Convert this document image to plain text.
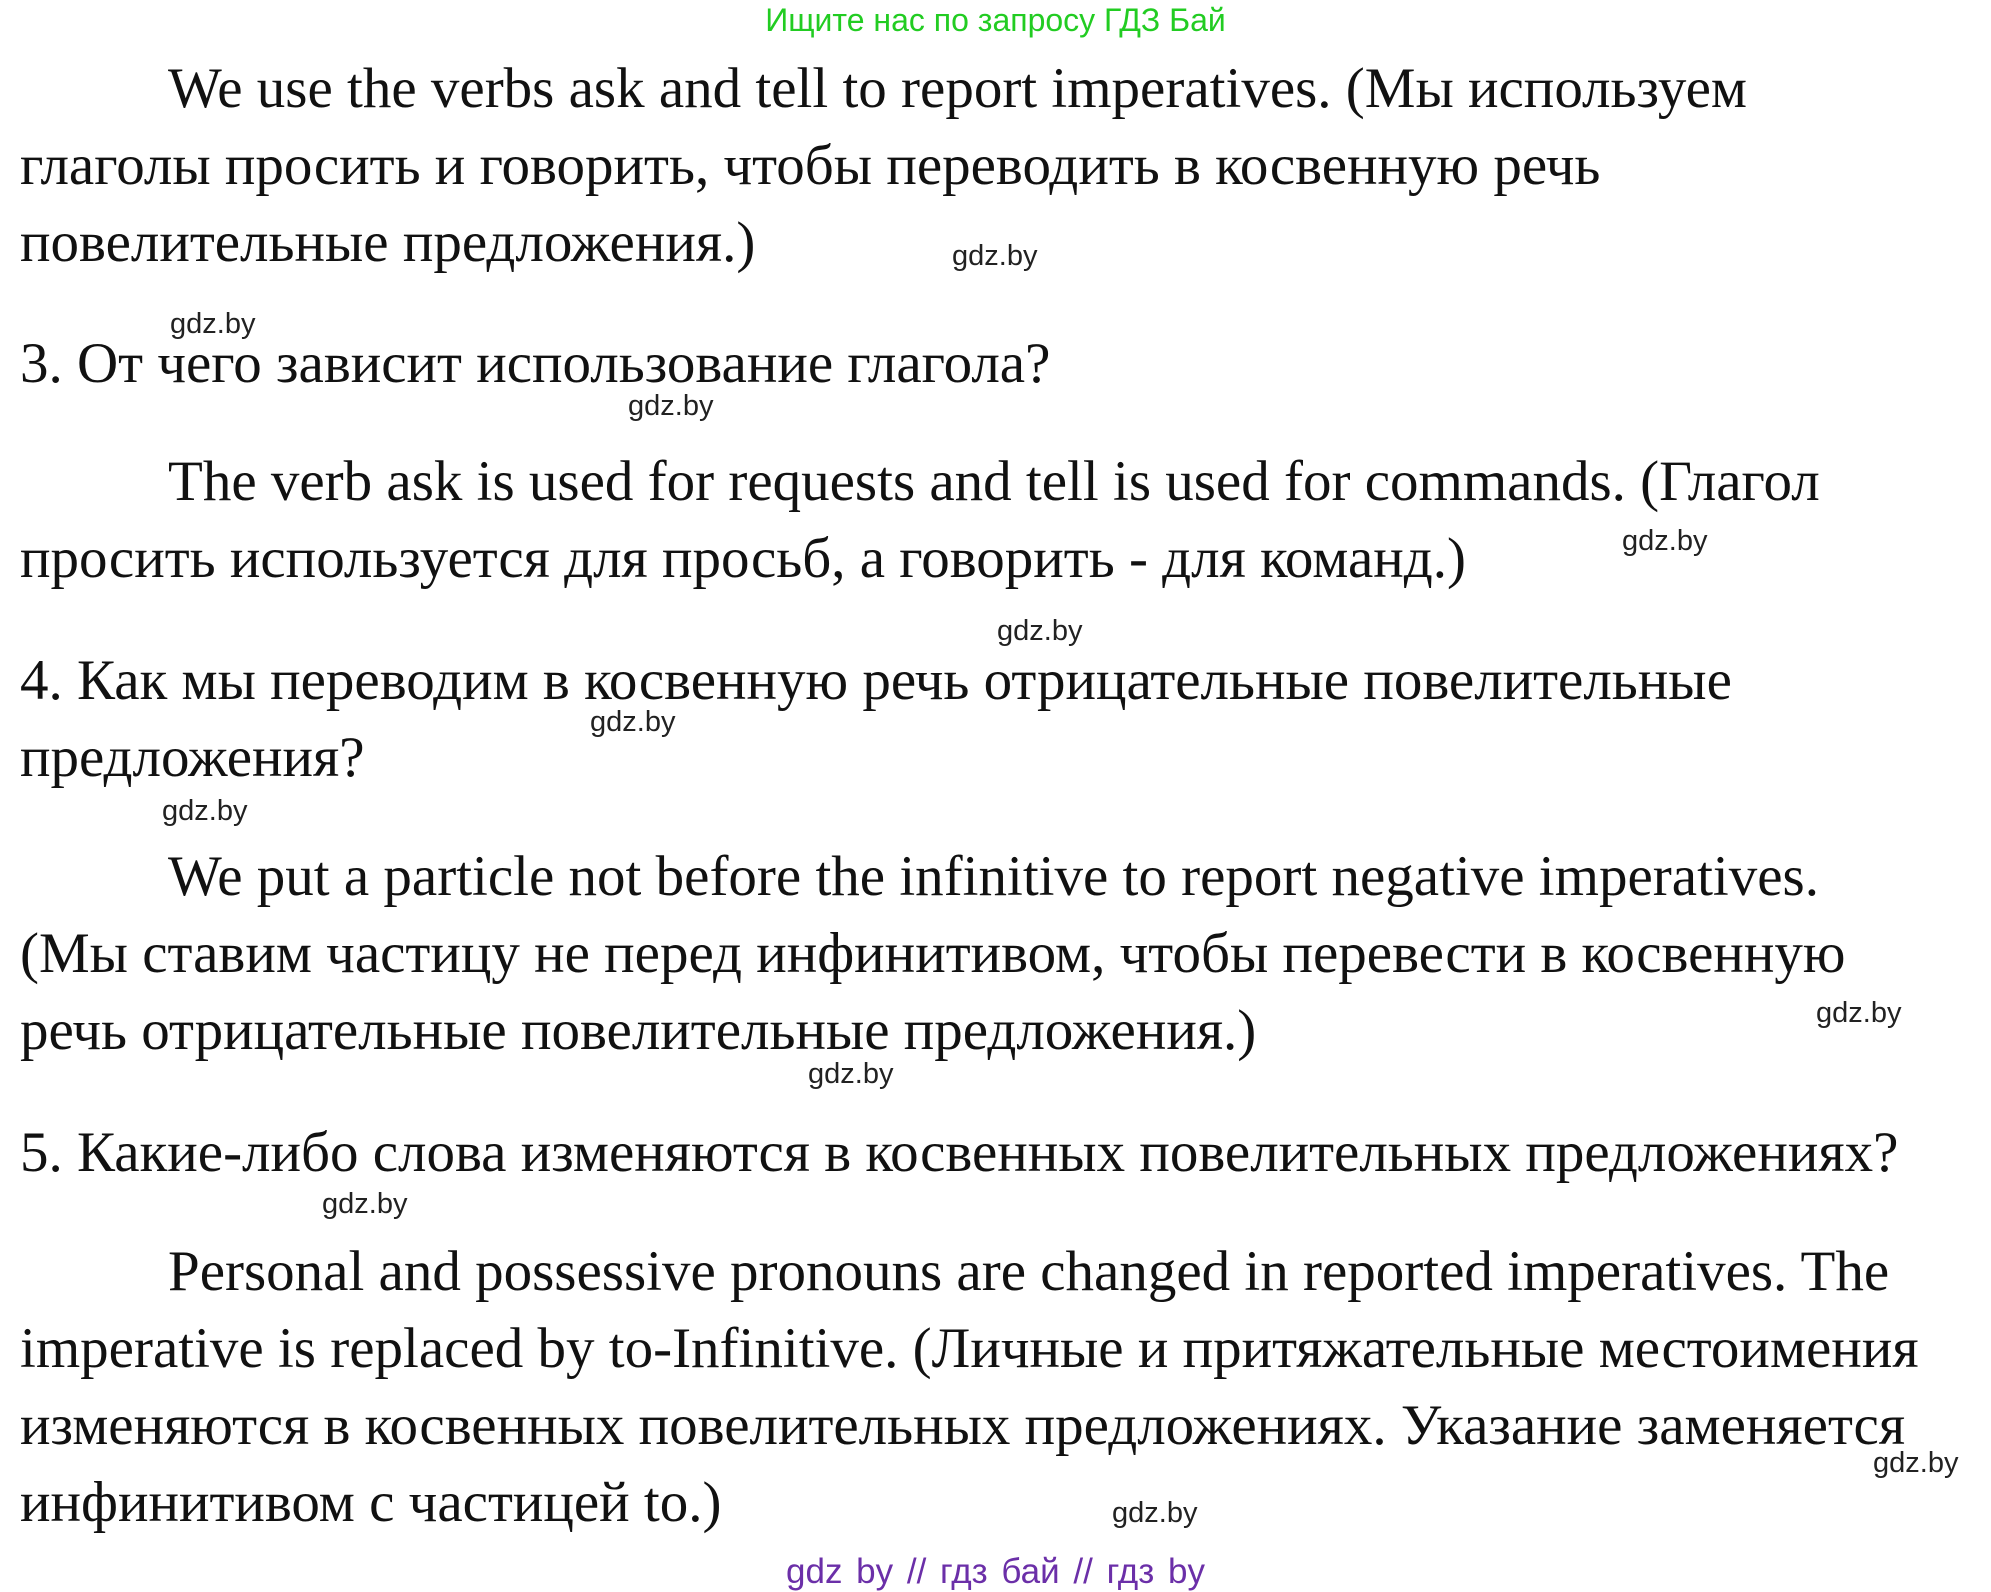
Ищите нас по запросу ГДЗ Бай
We use the verbs ask and tell to report imperatives. (Мы используем
глаголы просить и говорить, чтобы переводить в косвенную речь
повелительные предложения.)
3. От чего зависит использование глагола?
The verb ask is used for requests and tell is used for commands. (Глагол
просить используется для просьб, а говорить - для команд.)
4. Как мы переводим в косвенную речь отрицательные повелительные
предложения?
We put a particle not before the infinitive to report negative imperatives.
(Мы ставим частицу не перед инфинитивом, чтобы перевести в косвенную
речь отрицательные повелительные предложения.)
5. Какие-либо слова изменяются в косвенных повелительных предложениях?
Personal and possessive pronouns are changed in reported imperatives. The
imperative is replaced by to-Infinitive. (Личные и притяжательные местоимения
изменяются в косвенных повелительных предложениях. Указание заменяется
инфинитивом с частицей to.)
gdz.by
gdz.by
gdz.by
gdz.by
gdz.by
gdz.by
gdz.by
gdz.by
gdz.by
gdz.by
gdz.by
gdz.by
gdz by // гдз бай // гдз by
